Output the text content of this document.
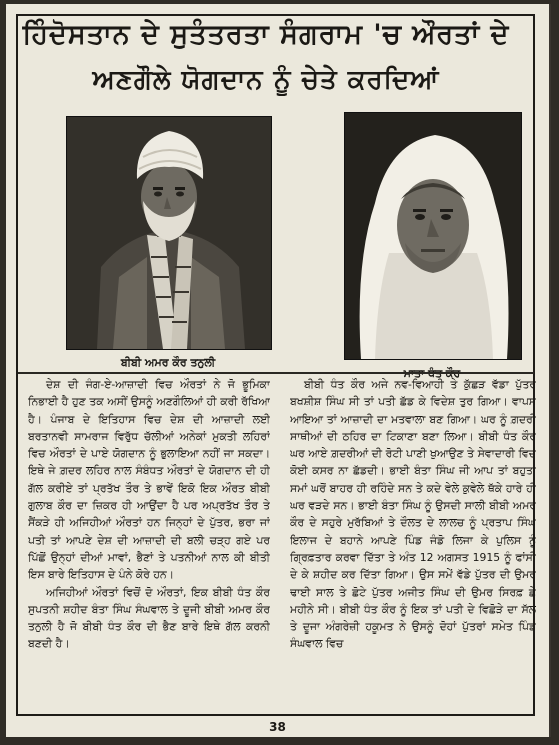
ਹਿੰਦੋਸਤਾਨ ਦੇ ਸੁਤੰਤਰਤਾ ਸੰਗਰਾਮ 'ਚ ਔਰਤਾਂ ਦੇ
ਅਣਗੌਲੇ ਯੋਗਦਾਨ ਨੂੰ ਚੇਤੇ ਕਰਦਿਆਂ
ਬੀਬੀ ਅਮਰ ਕੌਰ ਤਨੁਲੀ

ਦੇਸ਼ ਦੀ ਜੰਗ-ਏ-ਆਜ਼ਾਦੀ ਵਿਚ ਔਰਤਾਂ ਨੇ ਜੋ ਭੂਮਿਕਾ ਨਿਭਾਈ ਹੈ ਹੁਣ ਤਕ ਅਸੀਂ ਉਸਨੂੰ ਅਣਗੌਲਿਆਂ ਹੀ ਕਰੀ ਰੱਖਿਆ ਹੈ। ਪੰਜਾਬ ਦੇ ਇਤਿਹਾਸ ਵਿਚ ਦੇਸ਼ ਦੀ ਆਜ਼ਾਦੀ ਲਈ ਬਰਤਾਨਵੀ ਸਾਮਰਾਜ ਵਿਰੁੱਧ ਚੱਲੀਆਂ ਅਨੇਕਾਂ ਮੁਕਤੀ ਲਹਿਰਾਂ ਵਿਚ ਔਰਤਾਂ ਦੇ ਪਾਏ ਯੋਗਦਾਨ ਨੂੰ ਭੁਲਾਇਆ ਨਹੀਂ ਜਾ ਸਕਦਾ। ਇਥੇ ਜੇ ਗ਼ਦਰ ਲਹਿਰ ਨਾਲ ਸੰਬੰਧਤ ਔਰਤਾਂ ਦੇ ਯੋਗਦਾਨ ਦੀ ਹੀ ਗੱਲ ਕਰੀਏ ਤਾਂ ਪ੍ਰਤੱਖ ਤੌਰ ਤੇ ਭਾਵੇਂ ਇਕੋ ਇਕ ਔਰਤ ਬੀਬੀ ਗੁਲਾਬ ਕੌਰ ਦਾ ਜ਼ਿਕਰ ਹੀ ਆਉਂਦਾ ਹੈ ਪਰ ਅਪ੍ਰਤੱਖ ਤੌਰ ਤੇ ਸੈਂਕੜੇ ਹੀ ਅਜਿਹੀਆਂ ਔਰਤਾਂ ਹਨ ਜਿਨ੍ਹਾਂ ਦੇ ਪੁੱਤਰ, ਭਰਾ ਜਾਂ ਪਤੀ ਤਾਂ ਆਪਣੇ ਦੇਸ਼ ਦੀ ਆਜ਼ਾਦੀ ਦੀ ਬਲੀ ਚੜ੍ਹ ਗਏ ਪਰ ਪਿੱਛੋਂ ਉਨ੍ਹਾਂ ਦੀਆਂ ਮਾਵਾਂ, ਭੈਣਾਂ ਤੇ ਪਤਨੀਆਂ ਨਾਲ ਕੀ ਬੀਤੀ ਇਸ ਬਾਰੇ ਇਤਿਹਾਸ ਦੇ ਪੰਨੇ ਕੋਰੇ ਹਨ।

ਅਜਿਹੀਆਂ ਔਰਤਾਂ ਵਿਚੋਂ ਦੋ ਔਰਤਾਂ, ਇਕ ਬੀਬੀ ਧੰਤ ਕੌਰ ਸੁਪਤਨੀ ਸ਼ਹੀਦ ਬੰਤਾ ਸਿੰਘ ਸੰਘਵਾਲ ਤੇ ਦੂਜੀ ਬੀਬੀ ਅਮਰ ਕੌਰ ਤਨੁਲੀ ਹੈ ਜੋ ਬੀਬੀ ਧੰਤ ਕੌਰ ਦੀ ਭੈਣ ਬਾਰੇ ਇਥੇ ਗੱਲ ਕਰਨੀ ਬਣਦੀ ਹੈ।

ਬੀਬੀ ਧੰਤ ਕੌਰ ਅਜੇ ਨਵ-ਵਿਆਹੀ ਤੇ ਕੁੱਛੜ ਵੱਡਾ ਪੁੱਤਰ ਬਖਸ਼ੀਸ਼ ਸਿੰਘ ਸੀ ਤਾਂ ਪਤੀ ਛੱਡ ਕੇ ਵਿਦੇਸ਼ ਤੁਰ ਗਿਆ। ਵਾਪਸ ਆਇਆ ਤਾਂ ਆਜ਼ਾਦੀ ਦਾ ਮਤਵਾਲਾ ਬਣ ਗਿਆ। ਘਰ ਨੂੰ ਗ਼ਦਰੀ ਸਾਥੀਆਂ ਦੀ ਠਹਿਰ ਦਾ ਟਿਕਾਣਾ ਬਣਾ ਲਿਆ। ਬੀਬੀ ਧੰਤ ਕੌਰ ਘਰ ਆਏ ਗ਼ਦਰੀਆਂ ਦੀ ਰੋਟੀ ਪਾਣੀ ਖੁਆਉਣ ਤੇ ਸੇਵਾਦਾਰੀ ਵਿਚ ਕੋਈ ਕਸਰ ਨਾ ਛੱਡਦੀ। ਭਾਈ ਬੰਤਾ ਸਿੰਘ ਜੀ ਆਪ ਤਾਂ ਬਹੁਤਾ ਸਮਾਂ ਘਰੋਂ ਬਾਹਰ ਹੀ ਰਹਿੰਦੇ ਸਨ ਤੇ ਕਦੇ ਵੇਲੇ ਕੁਵੇਲੇ ਥੱਕੇ ਹਾਰੇ ਹੀ ਘਰ ਵੜਦੇ ਸਨ। ਭਾਈ ਬੰਤਾ ਸਿੰਘ ਨੂੰ ਉਸਦੀ ਸਾਲੀ ਬੀਬੀ ਅਮਰ ਕੌਰ ਦੇ ਸਹੁਰੇ ਮੁਰੱਬਿਆਂ ਤੇ ਦੌਲਤ ਦੇ ਲਾਲਚ ਨੂੰ ਪ੍ਰਤਾਪ ਸਿੰਘ ਇਲਾਜ ਦੇ ਬਹਾਨੇ ਆਪਣੇ ਪਿੰਡ ਜੰਡੋ ਲਿਜਾ ਕੇ ਪੁਲਿਸ ਨੂੰ ਗ੍ਰਿਫ਼ਤਾਰ ਕਰਵਾ ਦਿੱਤਾ ਤੇ ਅੰਤ 12 ਅਗਸਤ 1915 ਨੂੰ ਫਾਂਸੀ ਦੇ ਕੇ ਸ਼ਹੀਦ ਕਰ ਦਿੱਤਾ ਗਿਆ। ਉਸ ਸਮੇਂ ਵੱਡੇ ਪੁੱਤਰ ਦੀ ਉਮਰ ਢਾਈ ਸਾਲ ਤੇ ਛੋਟੇ ਪੁੱਤਰ ਅਜੀਤ ਸਿੰਘ ਦੀ ਉਮਰ ਸਿਰਫ਼ ਛੇ ਮਹੀਨੇ ਸੀ। ਬੀਬੀ ਧੰਤ ਕੌਰ ਨੂੰ ਇਕ ਤਾਂ ਪਤੀ ਦੇ ਵਿਛੋੜੇ ਦਾ ਸੱਲ ਤੇ ਦੂਜਾ ਅੰਗਰੇਜ਼ੀ ਹਕੂਮਤ ਨੇ ਉਸਨੂੰ ਦੋਹਾਂ ਪੁੱਤਰਾਂ ਸਮੇਤ ਪਿੰਡ ਸੰਘਵਾਲ ਵਿਚ

38
